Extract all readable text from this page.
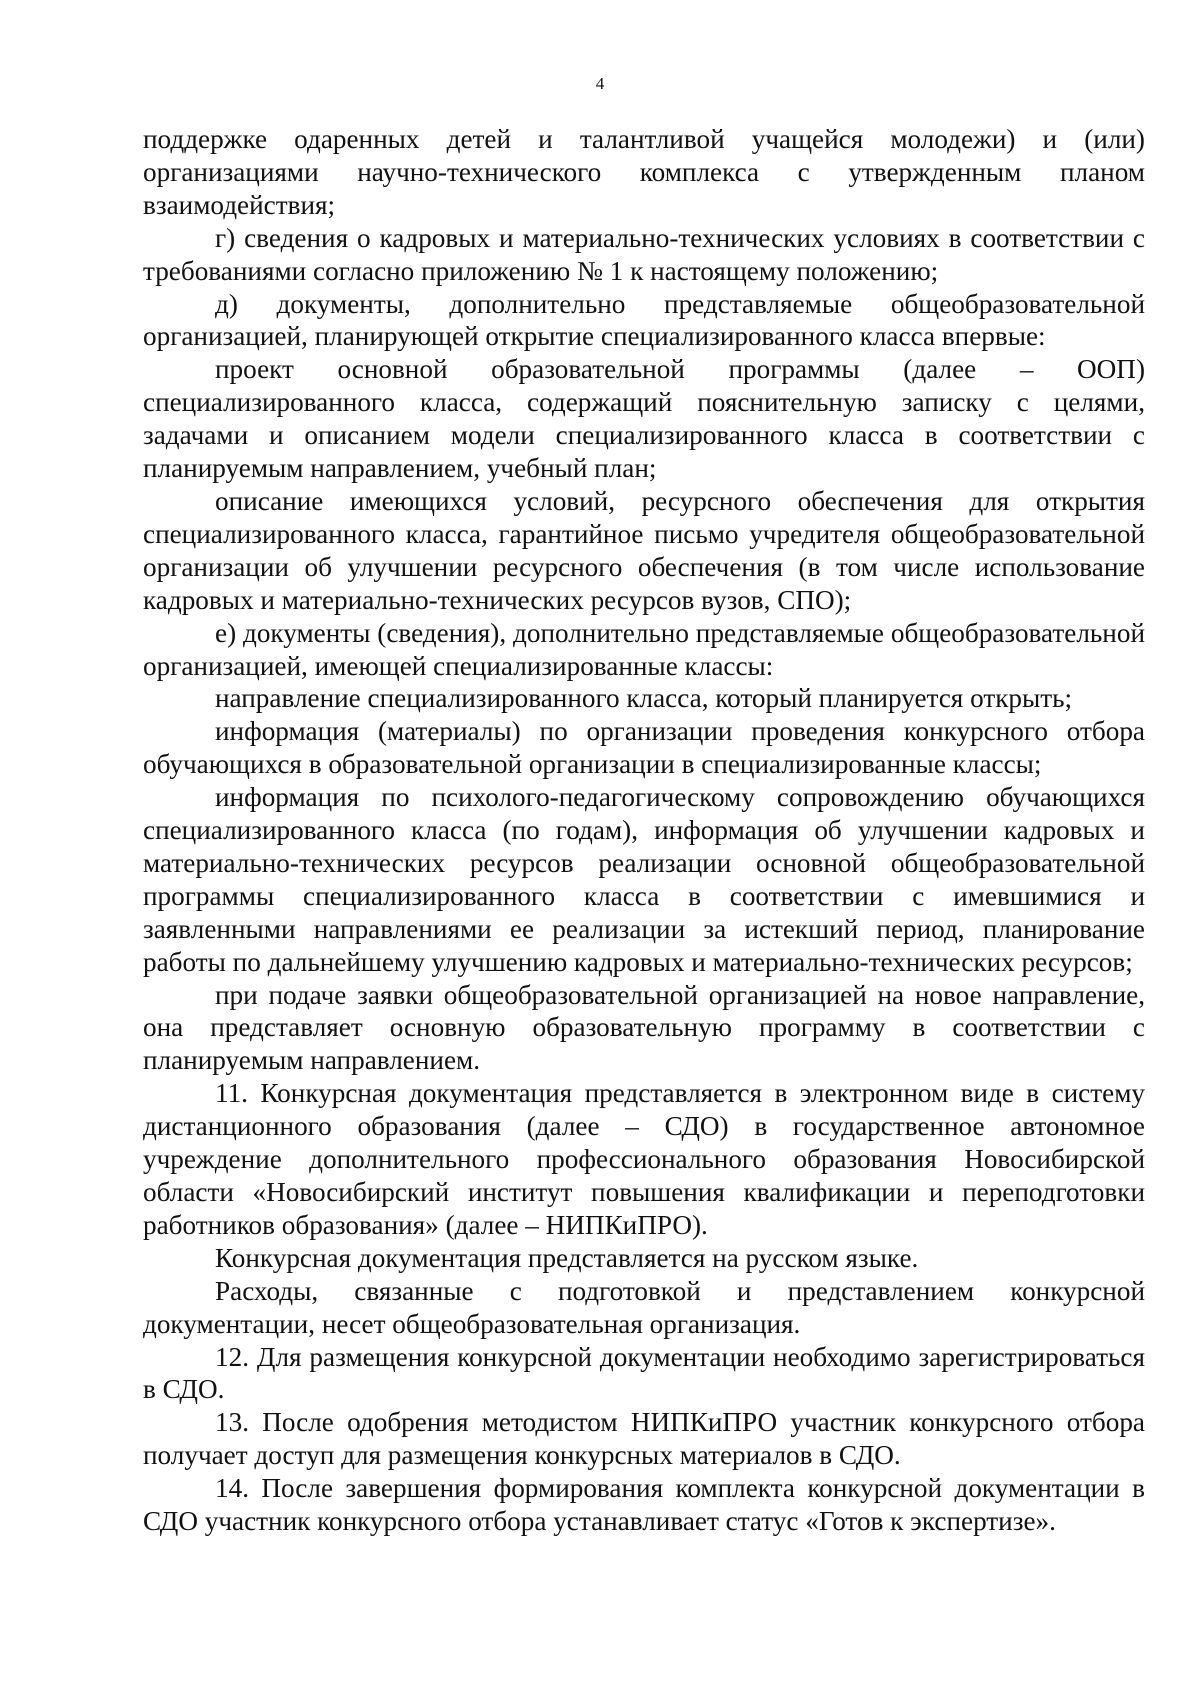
4

поддержке одаренных детей и талантливой учащейся молодежи) и (или) организациями научно-технического комплекса с утвержденным планом взаимодействия;

г) сведения о кадровых и материально-технических условиях в соответствии с требованиями согласно приложению № 1 к настоящему положению;

д) документы, дополнительно представляемые общеобразовательной организацией, планирующей открытие специализированного класса впервые:

проект основной образовательной программы (далее – ООП) специализированного класса, содержащий пояснительную записку с целями, задачами и описанием модели специализированного класса в соответствии с планируемым направлением, учебный план;

описание имеющихся условий, ресурсного обеспечения для открытия специализированного класса, гарантийное письмо учредителя общеобразовательной организации об улучшении ресурсного обеспечения (в том числе использование кадровых и материально-технических ресурсов вузов, СПО);

е) документы (сведения), дополнительно представляемые общеобразовательной организацией, имеющей специализированные классы:

направление специализированного класса, который планируется открыть;

информация (материалы) по организации проведения конкурсного отбора обучающихся в образовательной организации в специализированные классы;

информация по психолого-педагогическому сопровождению обучающихся специализированного класса (по годам), информация об улучшении кадровых и материально-технических ресурсов реализации основной общеобразовательной программы специализированного класса в соответствии с имевшимися и заявленными направлениями ее реализации за истекший период, планирование работы по дальнейшему улучшению кадровых и материально-технических ресурсов;

при подаче заявки общеобразовательной организацией на новое направление, она представляет основную образовательную программу в соответствии с планируемым направлением.

11. Конкурсная документация представляется в электронном виде в систему дистанционного образования (далее – СДО) в государственное автономное учреждение дополнительного профессионального образования Новосибирской области «Новосибирский институт повышения квалификации и переподготовки работников образования» (далее – НИПКиПРО).

Конкурсная документация представляется на русском языке.

Расходы, связанные с подготовкой и представлением конкурсной документации, несет общеобразовательная организация.

12. Для размещения конкурсной документации необходимо зарегистрироваться в СДО.

13. После одобрения методистом НИПКиПРО участник конкурсного отбора получает доступ для размещения конкурсных материалов в СДО.

14. После завершения формирования комплекта конкурсной документации в СДО участник конкурсного отбора устанавливает статус «Готов к экспертизе».
